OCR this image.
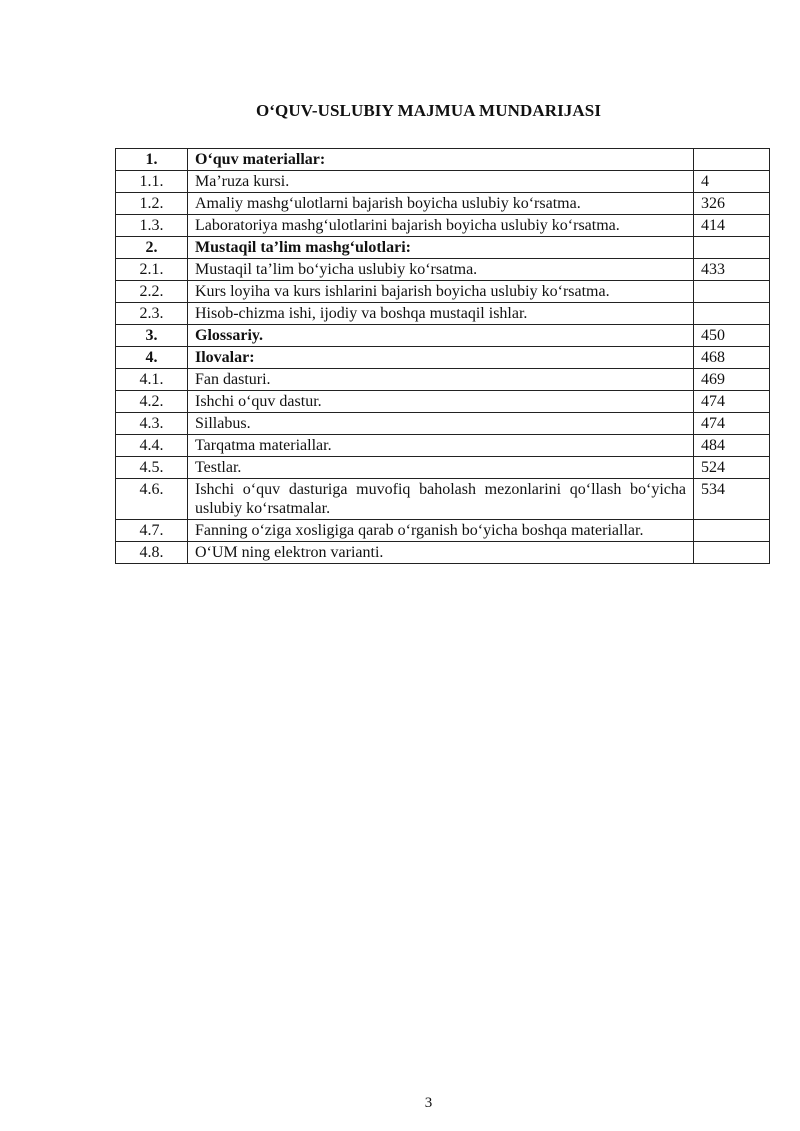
O‘QUV-USLUBIY MAJMUA MUNDARIJASI
1.	O‘quv materiallar:	
1.1.	Ma’ruza kursi.	4
1.2.	Amaliy mashg‘ulotlarni bajarish boyicha uslubiy ko‘rsatma.	326
1.3.	Laboratoriya mashg‘ulotlarini bajarish boyicha uslubiy ko‘rsatma.	414
2.	Mustaqil ta’lim mashg‘ulotlari:	
2.1.	Mustaqil ta’lim bo‘yicha uslubiy ko‘rsatma.	433
2.2.	Kurs loyiha va kurs ishlarini bajarish boyicha uslubiy ko‘rsatma.	
2.3.	Hisob-chizma ishi, ijodiy va boshqa mustaqil ishlar.	
3.	Glossariy.	450
4.	Ilovalar:	468
4.1.	Fan dasturi.	469
4.2.	Ishchi o‘quv dastur.	474
4.3.	Sillabus.	474
4.4.	Tarqatma materiallar.	484
4.5.	Testlar.	524
4.6.	Ishchi o‘quv dasturiga muvofiq baholash mezonlarini qo‘llash bo‘yicha uslubiy ko‘rsatmalar.	534
4.7.	Fanning o‘ziga xosligiga qarab o‘rganish bo‘yicha boshqa materiallar.	
4.8.	O‘UM ning elektron varianti.	
3
